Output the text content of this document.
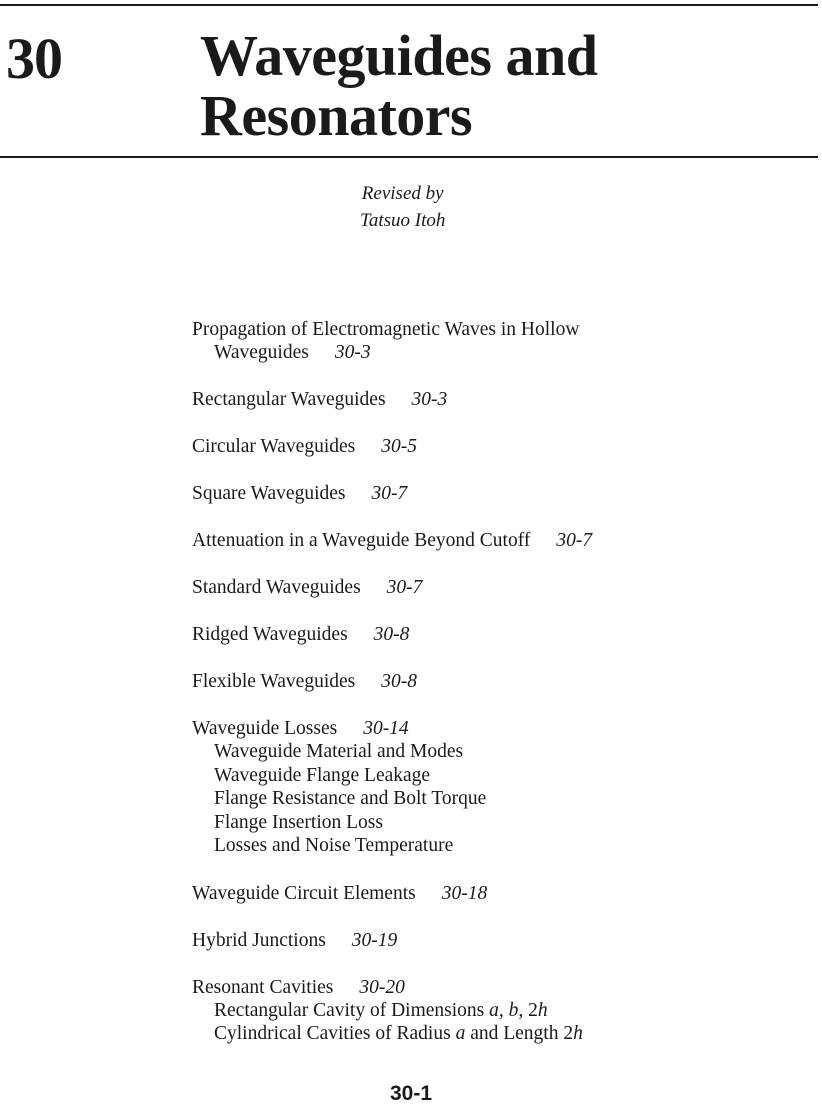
30 Waveguides and
Resonators
Revised by
Tatsuo Itoh
Propagation of Electromagnetic Waves in Hollow
Waveguides 30-3
Rectangular Waveguides 30-3
Circular Waveguides 30-5
Square Waveguides 30-7
Attenuation in a Waveguide Beyond Cutoff 30-7
Standard Waveguides 30-7
Ridged Waveguides 30-8
Flexible Waveguides 30-8
Waveguide Losses 30-14
Waveguide Material and Modes
Waveguide Flange Leakage
Flange Resistance and Bolt Torque
Flange Insertion Loss
Losses and Noise Temperature
Waveguide Circuit Elements 30-18
Hybrid Junctions 30-19
Resonant Cavities 30-20
Rectangular Cavity of Dimensions a, b, 2h
Cylindrical Cavities of Radius a and Length 2h
30-1
